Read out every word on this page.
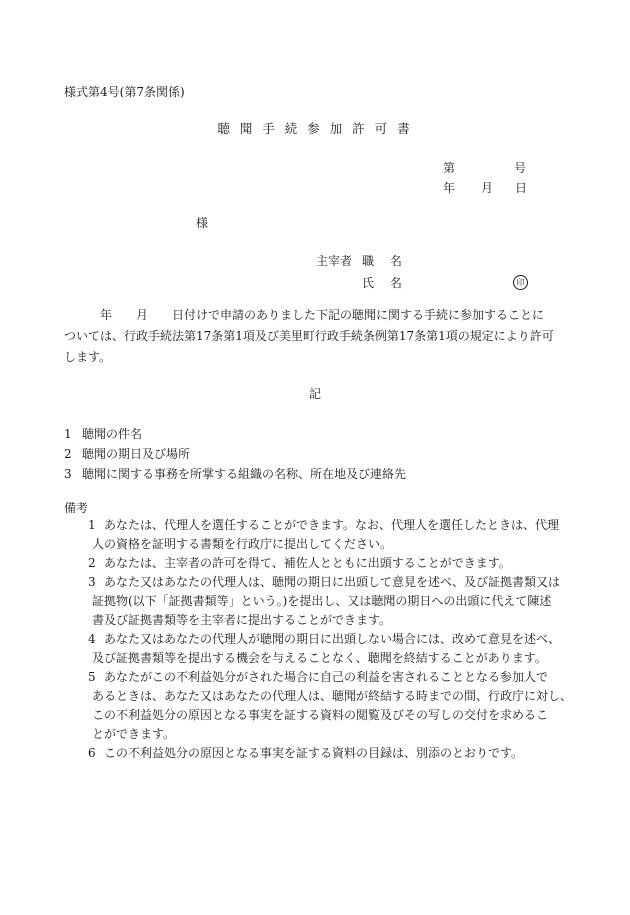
様式第4号(第7条関係)
聴 聞 手 続 参 加 許 可 書
第	号
年 月 日
様
主宰者 職 名
氏 名	印
　　　年　　月　　日付けで申請のありました下記の聴聞に関する手続に参加することに
ついては、行政手続法第17条第1項及び美里町行政手続条例第17条第1項の規定により許可
します。
記
1 聴聞の件名
2 聴聞の期日及び場所
3 聴聞に関する事務を所掌する組織の名称、所在地及び連絡先
備考
1 あなたは、代理人を選任することができます。なお、代理人を選任したときは、代理
人の資格を証明する書類を行政庁に提出してください。
2 あなたは、主宰者の許可を得て、補佐人とともに出頭することができます。
3 あなた又はあなたの代理人は、聴聞の期日に出頭して意見を述べ、及び証拠書類又は
証拠物(以下「証拠書類等」という。)を提出し、又は聴聞の期日への出頭に代えて陳述
書及び証拠書類等を主宰者に提出することができます。
4 あなた又はあなたの代理人が聴聞の期日に出頭しない場合には、改めて意見を述べ、
及び証拠書類等を提出する機会を与えることなく、聴聞を終結することがあります。
5 あなたがこの不利益処分がされた場合に自己の利益を害されることとなる参加人で
あるときは、あなた又はあなたの代理人は、聴聞が終結する時までの間、行政庁に対し、
この不利益処分の原因となる事実を証する資料の閲覧及びその写しの交付を求めるこ
とができます。
6 この不利益処分の原因となる事実を証する資料の目録は、別添のとおりです。
